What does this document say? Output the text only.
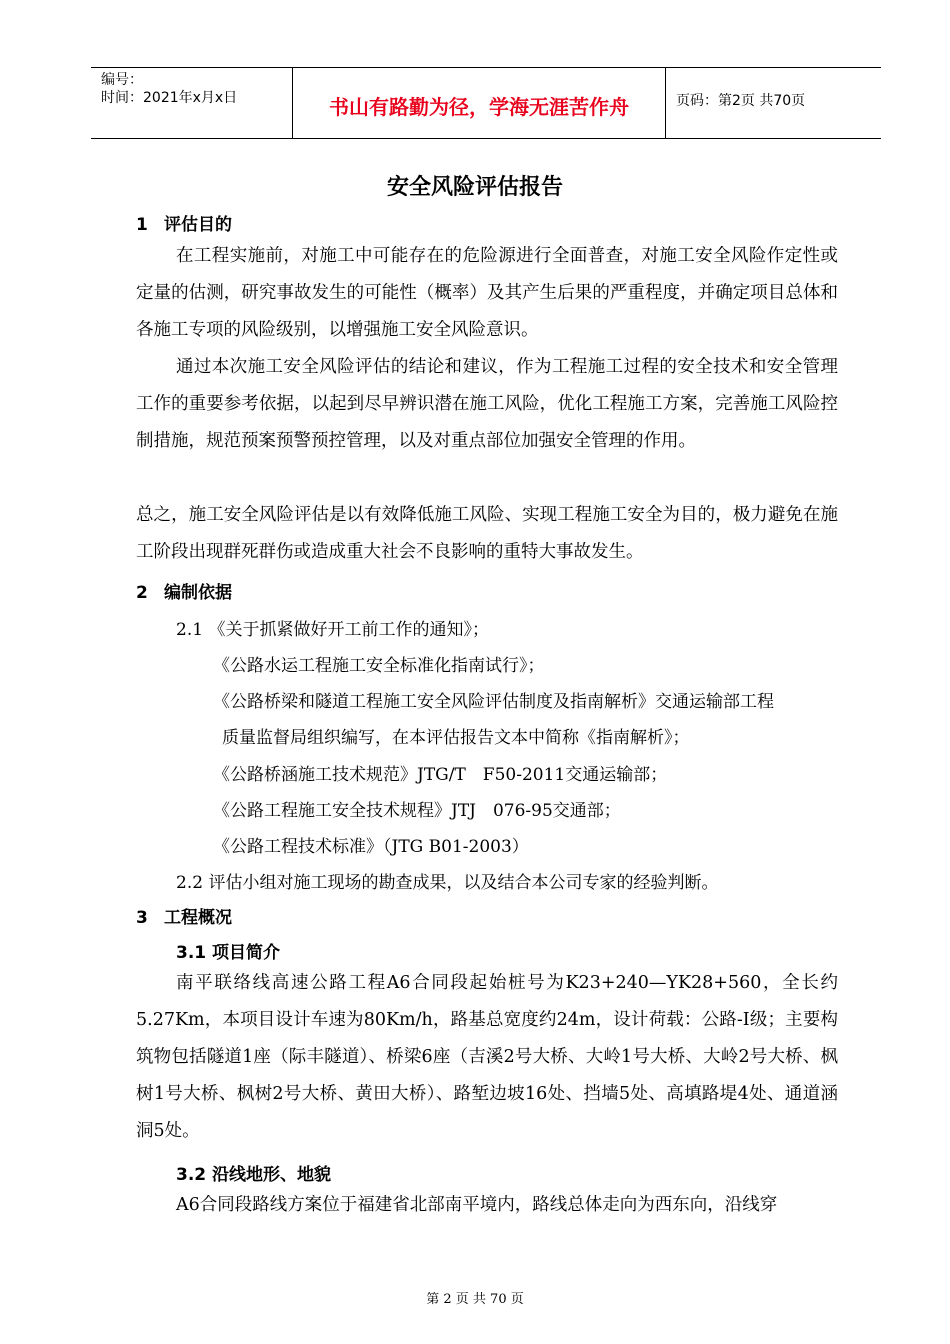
编号：
时间：2021年x月x日	书山有路勤为径，学海无涯苦作舟	页码：第2页 共70页
安全风险评估报告
1 评估目的

在工程实施前，对施工中可能存在的危险源进行全面普查，对施工安全风险作定性或定量的估测，研究事故发生的可能性（概率）及其产生后果的严重程度，并确定项目总体和各施工专项的风险级别，以增强施工安全风险意识。

通过本次施工安全风险评估的结论和建议，作为工程施工过程的安全技术和安全管理工作的重要参考依据，以起到尽早辨识潜在施工风险，优化工程施工方案，完善施工风险控制措施，规范预案预警预控管理，以及对重点部位加强安全管理的作用。

总之，施工安全风险评估是以有效降低施工风险、实现工程施工安全为目的，极力避免在施工阶段出现群死群伤或造成重大社会不良影响的重特大事故发生。

2 编制依据
2.1 《关于抓紧做好开工前工作的通知》；
《公路水运工程施工安全标准化指南试行》；
《公路桥梁和隧道工程施工安全风险评估制度及指南解析》交通运输部工程
质量监督局组织编写，在本评估报告文本中简称《指南解析》；
《公路桥涵施工技术规范》JTG/T　F50-2011交通运输部；
《公路工程施工安全技术规程》JTJ　076-95交通部；
《公路工程技术标准》（JTG B01-2003）
2.2 评估小组对施工现场的勘查成果，以及结合本公司专家的经验判断。
3 工程概况
3.1 项目简介

南平联络线高速公路工程A6合同段起始桩号为K23+240—YK28+560，全长约5.27Km，本项目设计车速为80Km/h，路基总宽度约24m，设计荷载：公路-I级；主要构筑物包括隧道1座（际丰隧道）、桥梁6座（吉溪2号大桥、大岭1号大桥、大岭2号大桥、枫树1号大桥、枫树2号大桥、黄田大桥）、路堑边坡16处、挡墙5处、高填路堤4处、通道涵洞5处。

3.2 沿线地形、地貌

A6合同段路线方案位于福建省北部南平境内，路线总体走向为西东向，沿线穿

第 2 页 共 70 页
